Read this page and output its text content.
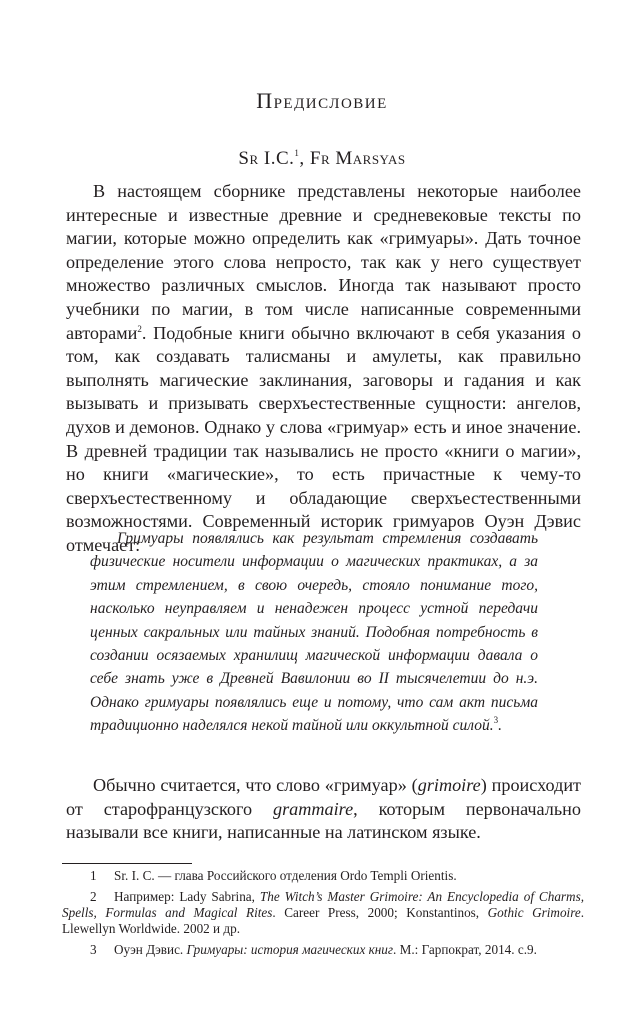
Предисловие
Sr I.C.$^1$, Fr Marsyas

В настоящем сборнике представлены некоторые наиболее интересные и известные древние и средневековые тексты по магии, которые можно определить как «гримуары». Дать точное определение этого слова непросто, так как у него существует множество различных смыслов. Иногда так называют просто учебники по магии, в том числе написанные современными авторами$^2$. Подобные книги обычно включают в себя указания о том, как создавать талисманы и амулеты, как правильно выполнять магические заклинания, заговоры и гадания и как вызывать и призывать сверхъестественные сущности: ангелов, духов и демонов. Однако у слова «гримуар» есть и иное значение. В древней традиции так назывались не просто «книги о магии», но книги «магические», то есть причастные к чему-то сверхъестественному и обладающие сверхъестественными возможностями. Современный историк гримуаров Оуэн Дэвис отмечает:

Гримуары появлялись как результат стремления создавать физические носители информации о магических практиках, а за этим стремлением, в свою очередь, стояло понимание того, насколько неуправляем и ненадежен процесс устной передачи ценных сакральных или тайных знаний. Подобная потребность в создании осязаемых хранилищ магической информации давала о себе знать уже в Древней Вавилонии во II тысячелетии до н.э. Однако гримуары появлялись еще и потому, что сам акт письма традиционно наделялся некой тайной или оккультной силой.$^3$.

Обычно считается, что слово «гримуар» (grimoire) происходит от старофранцузского grammaire, которым первоначально называли все книги, написанные на латинском языке.

1 Sr. I. C. — глава Российского отделения Ordo Templi Orientis.

2 Например: Lady Sabrina, The Witch’s Master Grimoire: An Encyclopedia of Charms, Spells, Formulas and Magical Rites. Career Press, 2000; Konstantinos, Gothic Grimoire. Llewellyn Worldwide. 2002 и др.

3 Оуэн Дэвис. Гримуары: история магических книг. М.: Гарпократ, 2014. с.9.
